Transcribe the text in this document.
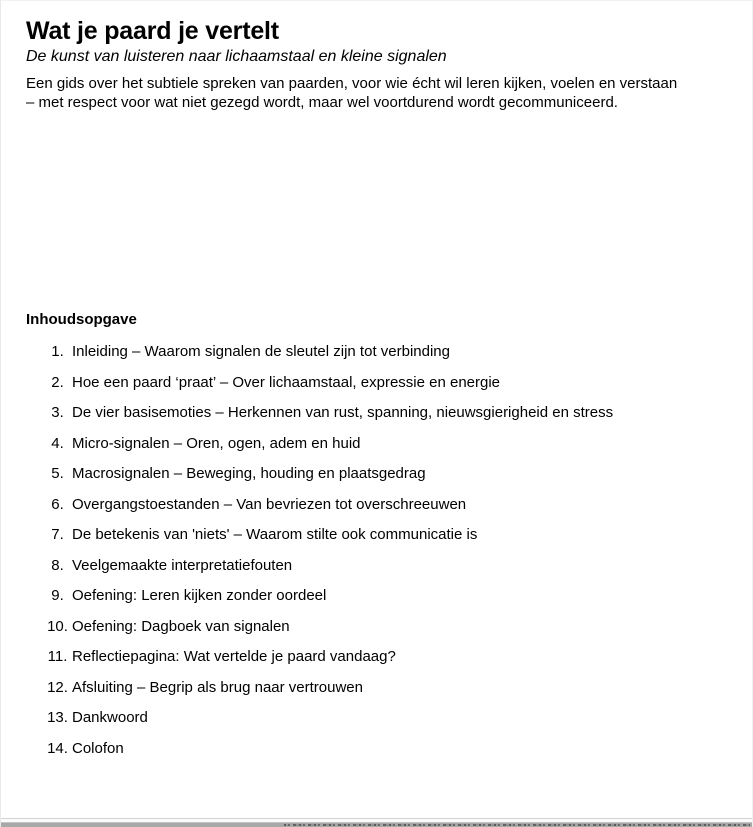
Wat je paard je vertelt
De kunst van luisteren naar lichaamstaal en kleine signalen
Een gids over het subtiele spreken van paarden, voor wie écht wil leren kijken, voelen en verstaan
– met respect voor wat niet gezegd wordt, maar wel voortdurend wordt gecommuniceerd.
Inhoudsopgave
1. Inleiding – Waarom signalen de sleutel zijn tot verbinding
2. Hoe een paard ‘praat’ – Over lichaamstaal, expressie en energie
3. De vier basisemoties – Herkennen van rust, spanning, nieuwsgierigheid en stress
4. Micro-signalen – Oren, ogen, adem en huid
5. Macrosignalen – Beweging, houding en plaatsgedrag
6. Overgangstoestanden – Van bevriezen tot overschreeuwen
7. De betekenis van 'niets' – Waarom stilte ook communicatie is
8. Veelgemaakte interpretatiefouten
9. Oefening: Leren kijken zonder oordeel
10. Oefening: Dagboek van signalen
11. Reflectiepagina: Wat vertelde je paard vandaag?
12. Afsluiting – Begrip als brug naar vertrouwen
13. Dankwoord
14. Colofon
